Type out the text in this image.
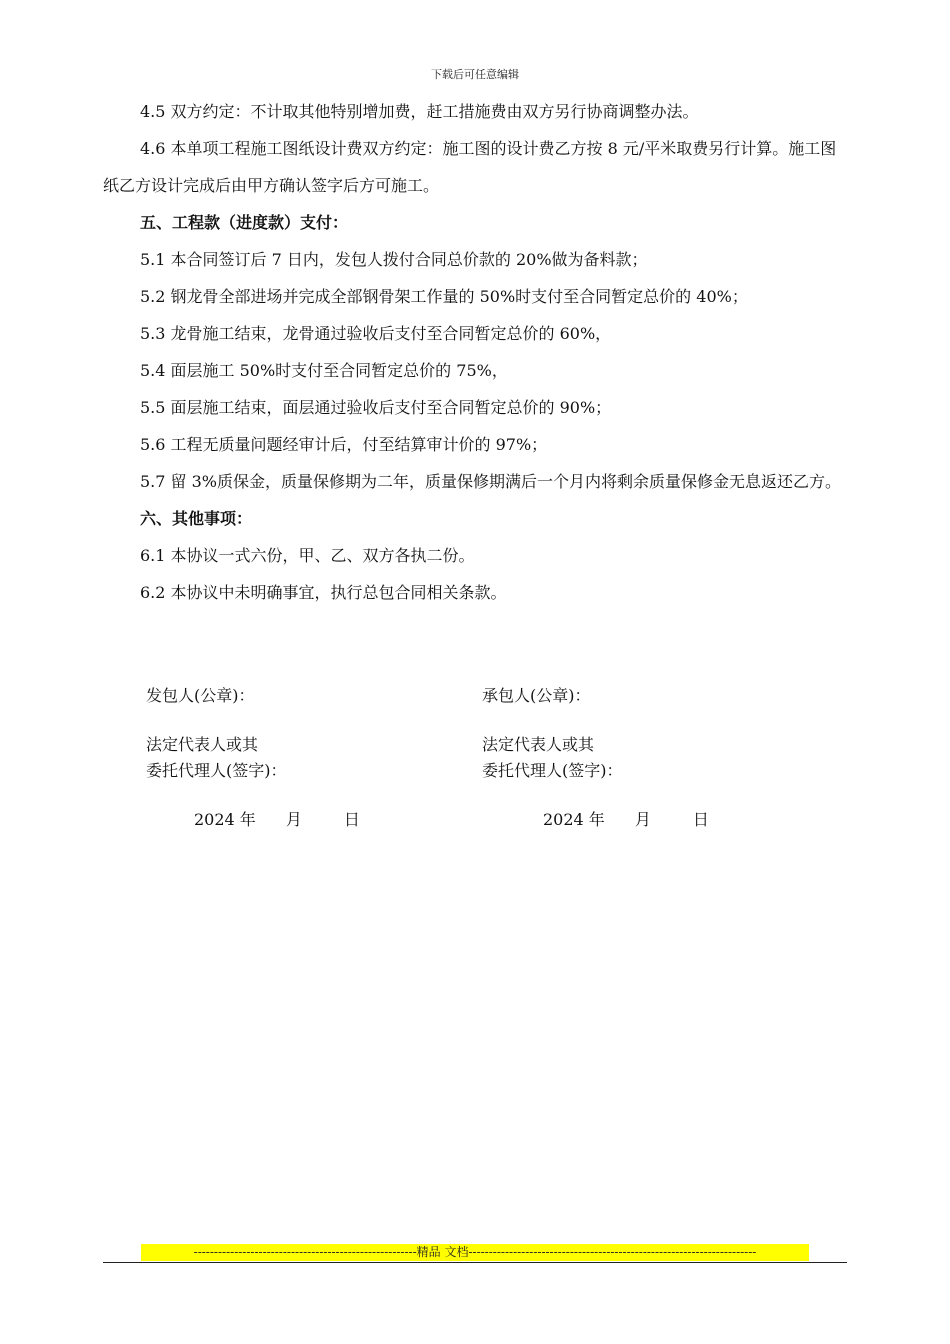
下载后可任意编辑

4.5 双方约定：不计取其他特别增加费，赶工措施费由双方另行协商调整办法。

4.6 本单项工程施工图纸设计费双方约定：施工图的设计费乙方按 8 元/平米取费另行计算。施工图纸乙方设计完成后由甲方确认签字后方可施工。

五、工程款（进度款）支付：

5.1 本合同签订后 7 日内，发包人拨付合同总价款的 20%做为备料款；

5.2 钢龙骨全部进场并完成全部钢骨架工作量的 50%时支付至合同暂定总价的 40%；

5.3 龙骨施工结束，龙骨通过验收后支付至合同暂定总价的 60%，

5.4 面层施工 50%时支付至合同暂定总价的 75%，

5.5 面层施工结束，面层通过验收后支付至合同暂定总价的 90%；

5.6 工程无质量问题经审计后，付至结算审计价的 97%；

5.7 留 3%质保金，质量保修期为二年，质量保修期满后一个月内将剩余质量保修金无息返还乙方。

六、其他事项：

6.1 本协议一式六份，甲、乙、双方各执二份。

6.2 本协议中未明确事宜，执行总包合同相关条款。

发包人(公章)：

法定代表人或其

委托代理人(签字)：

2024 年 月	日

承包人(公章)：

法定代表人或其

委托代理人(签字)：

2024 年 月	日
-------------------------------------------------------精品 文档-----------------------------------------------------------------------
